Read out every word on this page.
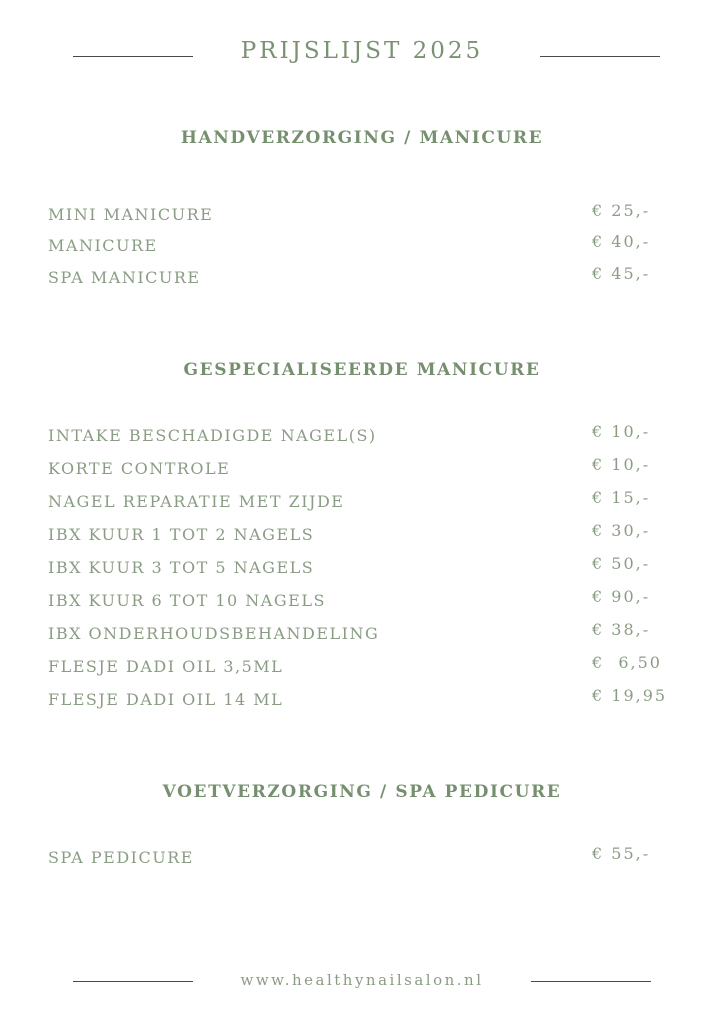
PRIJSLIJST 2025
HANDVERZORGING / MANICURE
MINI MANICURE	€ 25,-
MANICURE	€ 40,-
SPA MANICURE	€ 45,-
GESPECIALISEERDE MANICURE
INTAKE BESCHADIGDE NAGEL(S)	€ 10,-
KORTE CONTROLE	€ 10,-
NAGEL REPARATIE MET ZIJDE	€ 15,-
IBX KUUR 1 TOT 2 NAGELS	€ 30,-
IBX KUUR 3 TOT 5 NAGELS	€ 50,-
IBX KUUR 6 TOT 10 NAGELS	€ 90,-
IBX ONDERHOUDSBEHANDELING	€ 38,-
FLESJE DADI OIL 3,5ML	€  6,50
FLESJE DADI OIL 14 ML	€ 19,95
VOETVERZORGING / SPA PEDICURE
SPA PEDICURE	€ 55,-
www.healthynailsalon.nl
